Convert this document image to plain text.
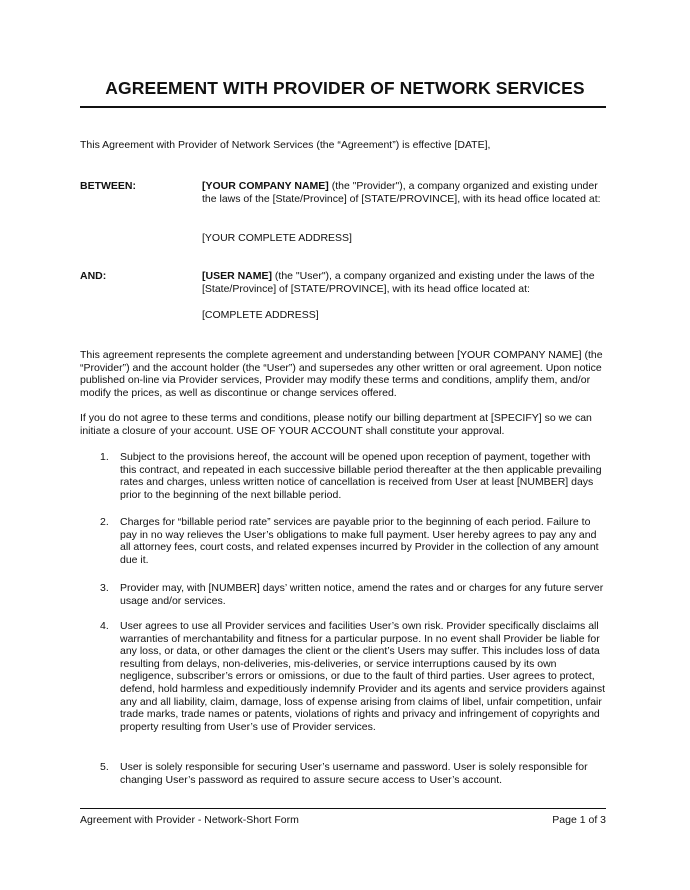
AGREEMENT WITH PROVIDER OF NETWORK SERVICES
This Agreement with Provider of Network Services (the “Agreement”) is effective [DATE],
BETWEEN:	[YOUR COMPANY NAME] (the "Provider"), a company organized and existing under the laws of the [State/Province] of [STATE/PROVINCE], with its head office located at:
[YOUR COMPLETE ADDRESS]
AND:	[USER NAME] (the "User"), a company organized and existing under the laws of the [State/Province] of [STATE/PROVINCE], with its head office located at:
[COMPLETE ADDRESS]
This agreement represents the complete agreement and understanding between [YOUR COMPANY NAME] (the “Provider”) and the account holder (the “User”) and supersedes any other written or oral agreement. Upon notice published on-line via Provider services, Provider may modify these terms and conditions, amplify them, and/or modify the prices, as well as discontinue or change services offered.
If you do not agree to these terms and conditions, please notify our billing department at [SPECIFY] so we can initiate a closure of your account. USE OF YOUR ACCOUNT shall constitute your approval.
1. Subject to the provisions hereof, the account will be opened upon reception of payment, together with this contract, and repeated in each successive billable period thereafter at the then applicable prevailing rates and charges, unless written notice of cancellation is received from User at least [NUMBER] days prior to the beginning of the next billable period.
2. Charges for “billable period rate” services are payable prior to the beginning of each period. Failure to pay in no way relieves the User’s obligations to make full payment. User hereby agrees to pay any and all attorney fees, court costs, and related expenses incurred by Provider in the collection of any amount due it.
3. Provider may, with [NUMBER] days’ written notice, amend the rates and or charges for any future server usage and/or services.
4. User agrees to use all Provider services and facilities User’s own risk. Provider specifically disclaims all warranties of merchantability and fitness for a particular purpose. In no event shall Provider be liable for any loss, or data, or other damages the client or the client’s Users may suffer. This includes loss of data resulting from delays, non-deliveries, mis-deliveries, or service interruptions caused by its own negligence, subscriber’s errors or omissions, or due to the fault of third parties. User agrees to protect, defend, hold harmless and expeditiously indemnify Provider and its agents and service providers against any and all liability, claim, damage, loss of expense arising from claims of libel, unfair competition, unfair trade marks, trade names or patents, violations of rights and privacy and infringement of copyrights and property resulting from User’s use of Provider services.
5. User is solely responsible for securing User’s username and password. User is solely responsible for changing User’s password as required to assure secure access to User’s account.
Agreement with Provider - Network-Short Form	Page 1 of 3
